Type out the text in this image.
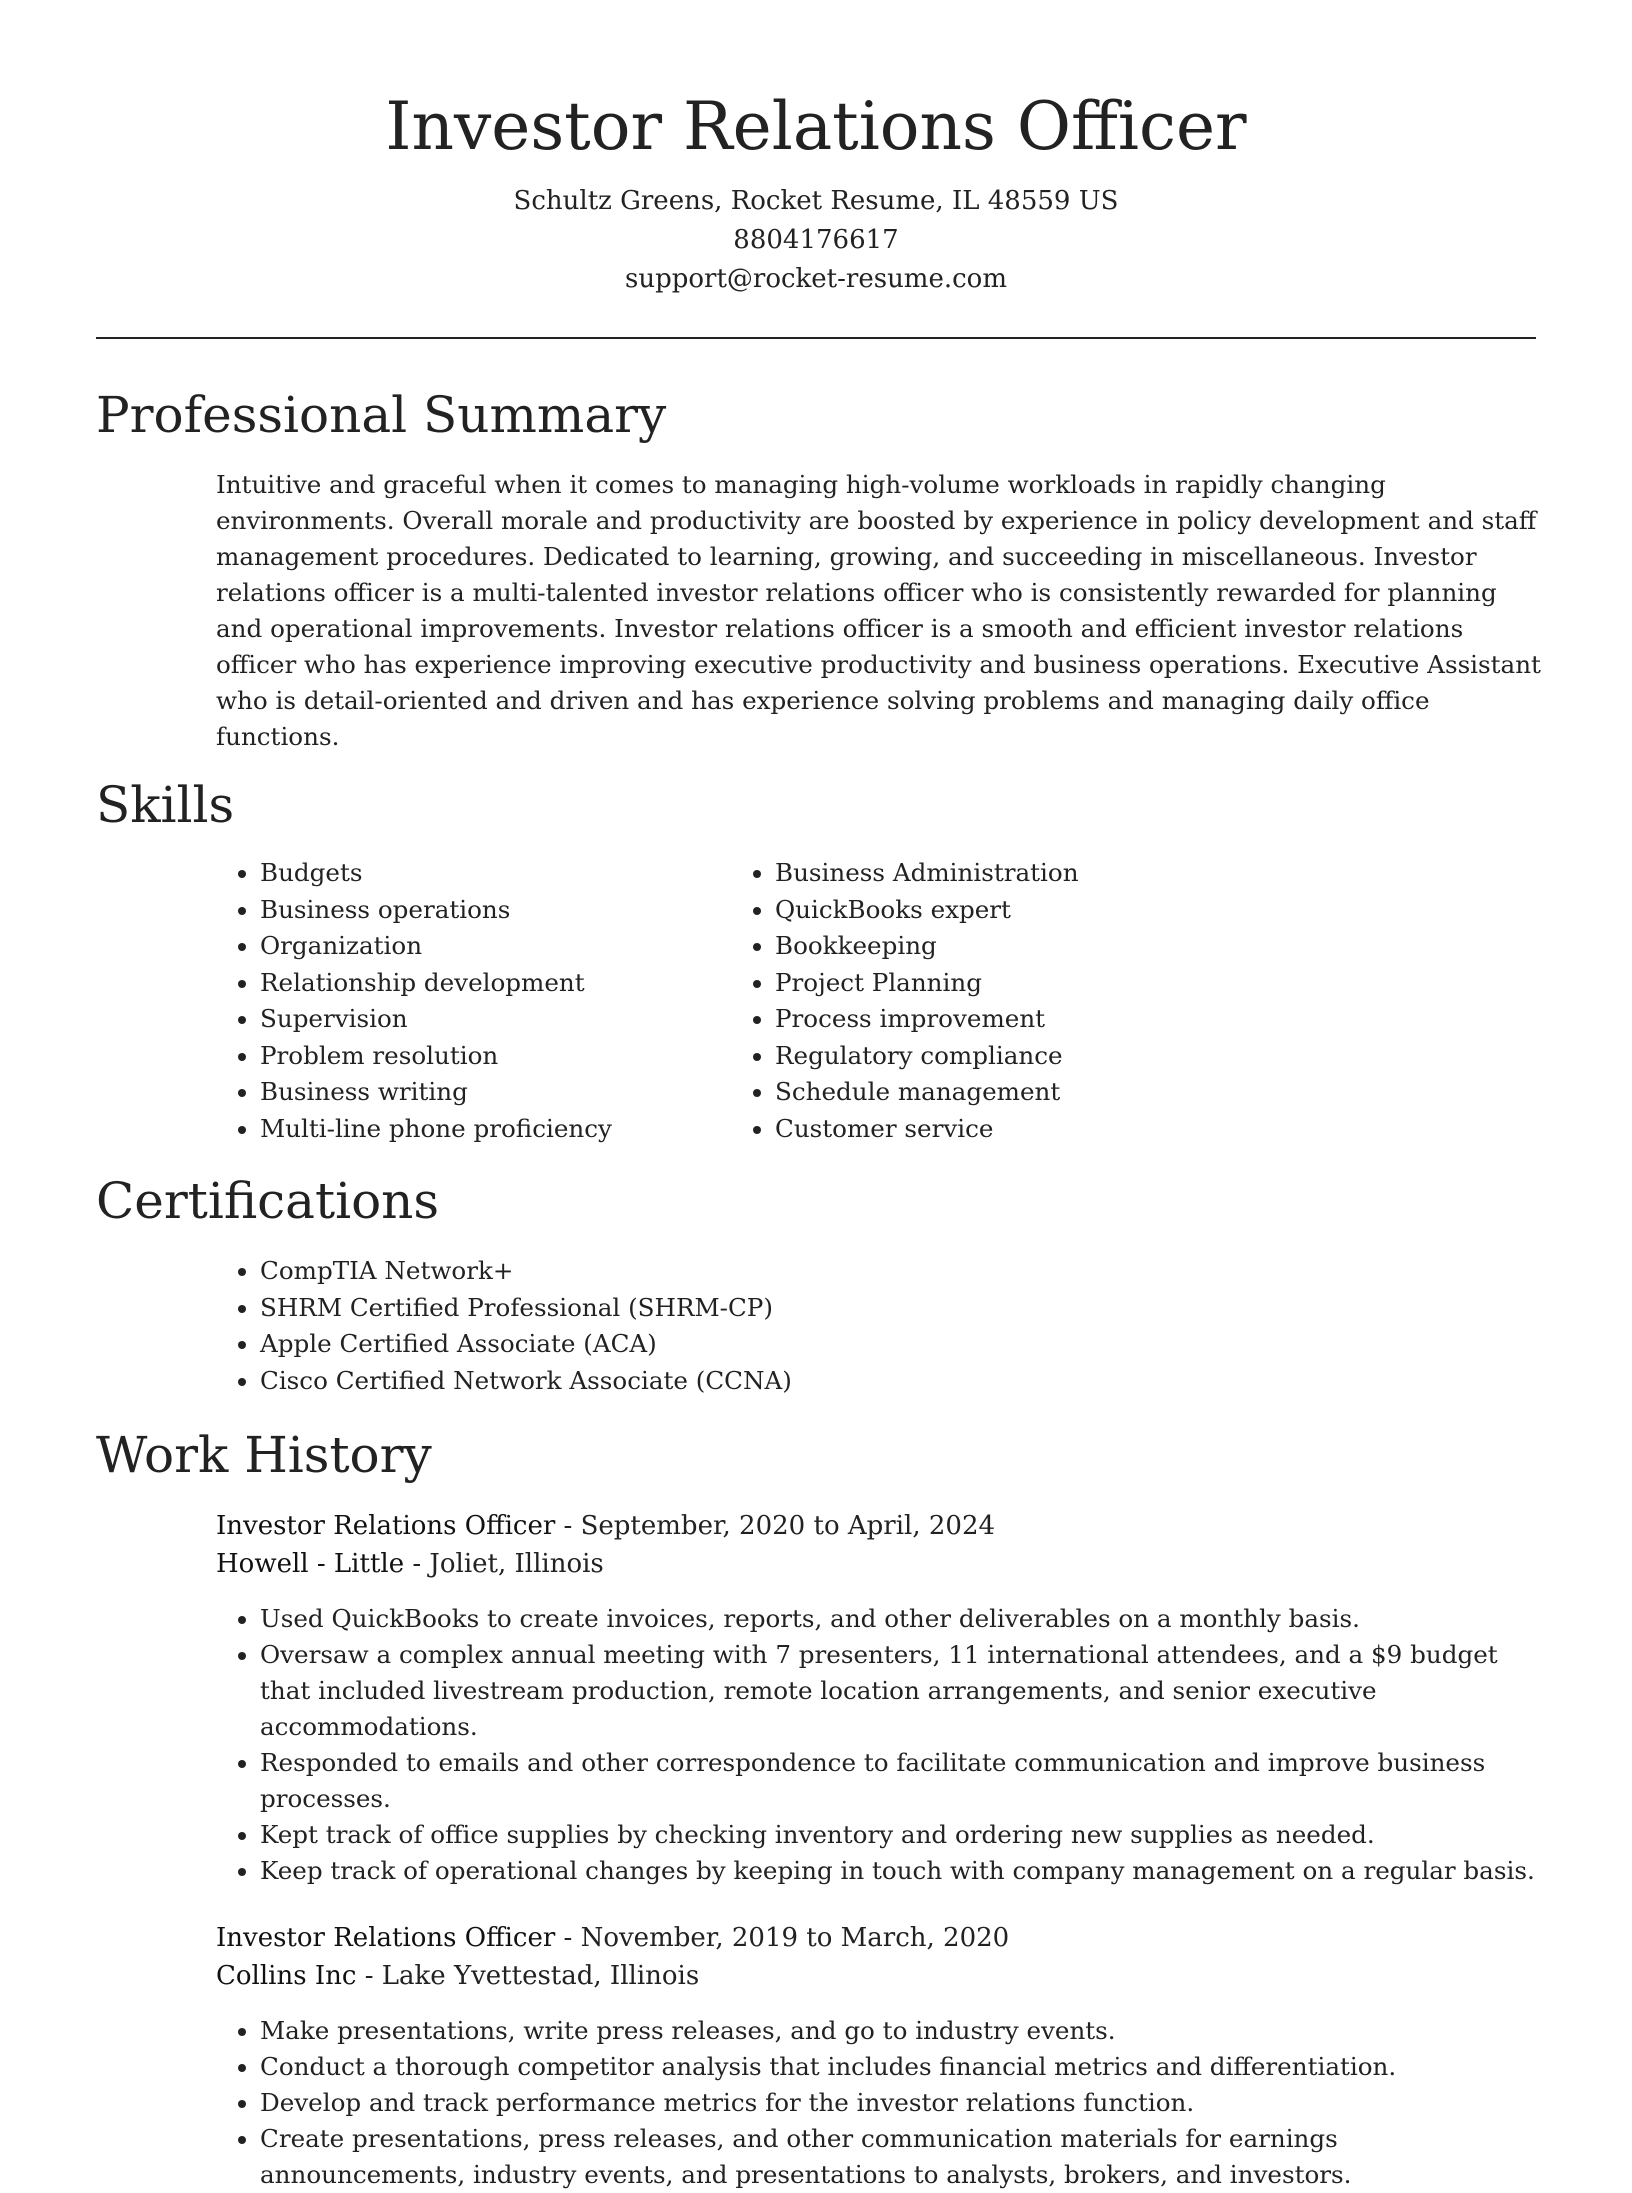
Investor Relations Officer
Schultz Greens, Rocket Resume, IL 48559 US
8804176617
support@rocket-resume.com
Professional Summary

Intuitive and graceful when it comes to managing high-volume workloads in rapidly changing environments. Overall morale and productivity are boosted by experience in policy development and staff management procedures. Dedicated to learning, growing, and succeeding in miscellaneous. Investor relations officer is a multi-talented investor relations officer who is consistently rewarded for planning and operational improvements. Investor relations officer is a smooth and efficient investor relations officer who has experience improving executive productivity and business operations. Executive Assistant who is detail-oriented and driven and has experience solving problems and managing daily office functions.

Skills
• Budgets
• Business operations
• Organization
• Relationship development
• Supervision
• Problem resolution
• Business writing
• Multi-line phone proficiency
• Business Administration
• QuickBooks expert
• Bookkeeping
• Project Planning
• Process improvement
• Regulatory compliance
• Schedule management
• Customer service
Certifications
• CompTIA Network+
• SHRM Certified Professional (SHRM-CP)
• Apple Certified Associate (ACA)
• Cisco Certified Network Associate (CCNA)
Work History
Investor Relations Officer - September, 2020 to April, 2024
Howell - Little - Joliet, Illinois
• Used QuickBooks to create invoices, reports, and other deliverables on a monthly basis.
• Oversaw a complex annual meeting with 7 presenters, 11 international attendees, and a $9 budget that included livestream production, remote location arrangements, and senior executive accommodations.
• Responded to emails and other correspondence to facilitate communication and improve business processes.
• Kept track of office supplies by checking inventory and ordering new supplies as needed.
• Keep track of operational changes by keeping in touch with company management on a regular basis.
Investor Relations Officer - November, 2019 to March, 2020
Collins Inc - Lake Yvettestad, Illinois
• Make presentations, write press releases, and go to industry events.
• Conduct a thorough competitor analysis that includes financial metrics and differentiation.
• Develop and track performance metrics for the investor relations function.
• Create presentations, press releases, and other communication materials for earnings announcements, industry events, and presentations to analysts, brokers, and investors.
